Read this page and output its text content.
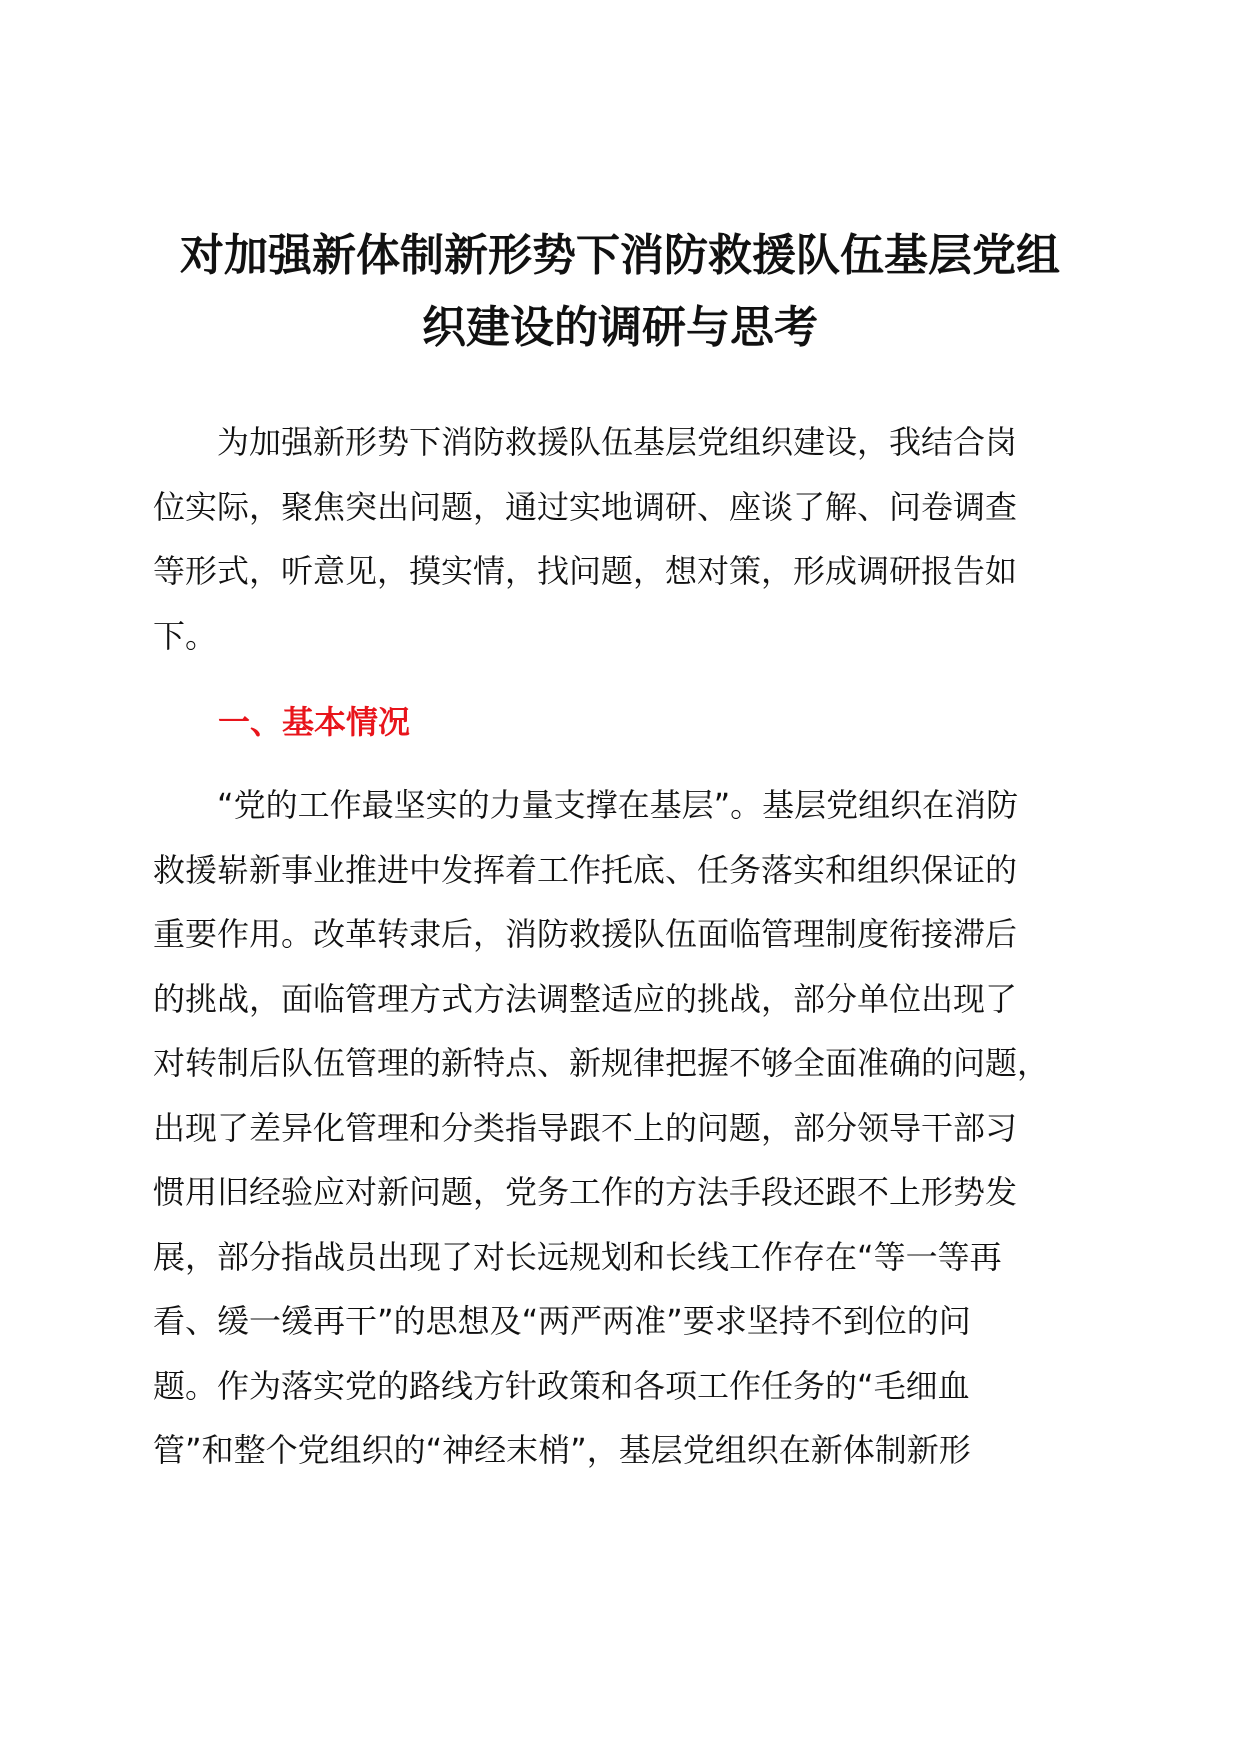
对加强新体制新形势下消防救援队伍基层党组
织建设的调研与思考
　　为加强新形势下消防救援队伍基层党组织建设，我结合岗
位实际，聚焦突出问题，通过实地调研、座谈了解、问卷调查
等形式，听意见，摸实情，找问题，想对策，形成调研报告如
下。
一、基本情况
　　“党的工作最坚实的力量支撑在基层”。基层党组织在消防
救援崭新事业推进中发挥着工作托底、任务落实和组织保证的
重要作用。改革转隶后，消防救援队伍面临管理制度衔接滞后
的挑战，面临管理方式方法调整适应的挑战，部分单位出现了
对转制后队伍管理的新特点、新规律把握不够全面准确的问题，
出现了差异化管理和分类指导跟不上的问题，部分领导干部习
惯用旧经验应对新问题，党务工作的方法手段还跟不上形势发
展，部分指战员出现了对长远规划和长线工作存在“等一等再
看、缓一缓再干”的思想及“两严两准”要求坚持不到位的问
题。作为落实党的路线方针政策和各项工作任务的“毛细血
管”和整个党组织的“神经末梢”，基层党组织在新体制新形
